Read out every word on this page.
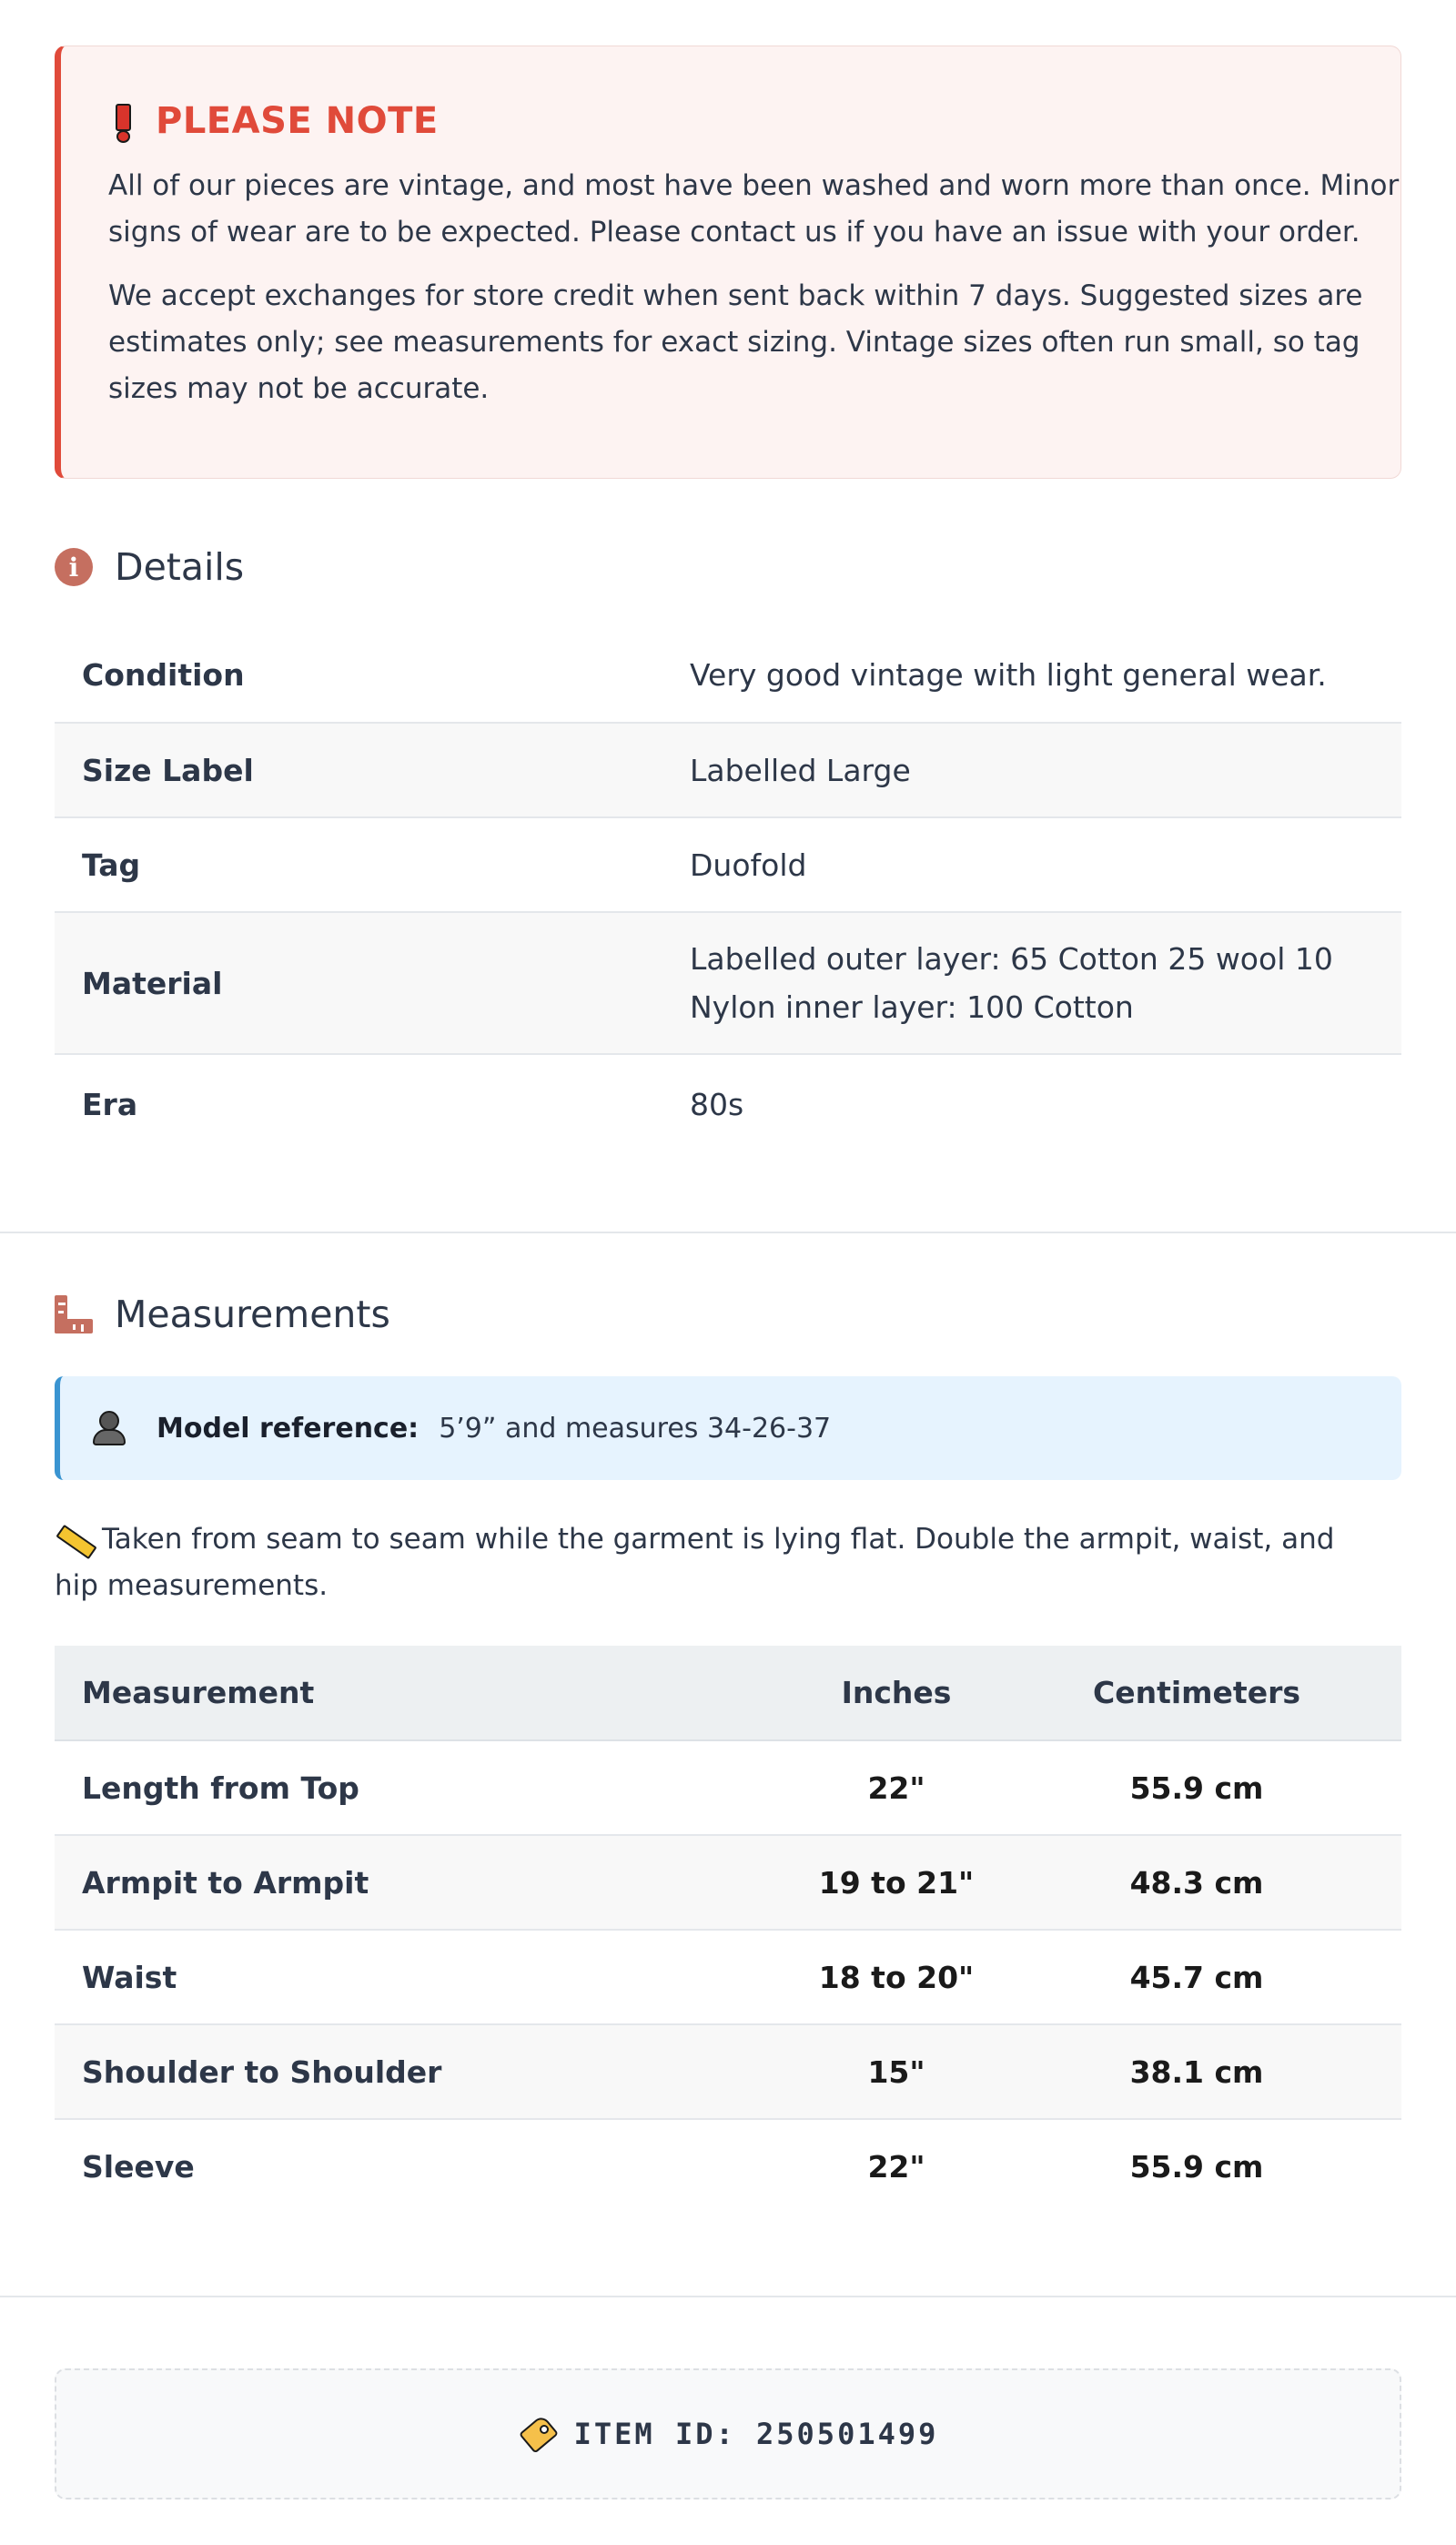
PLEASE NOTE

All of our pieces are vintage, and most have been washed and worn more than once. Minor signs of wear are to be expected. Please contact us if you have an issue with your order.

We accept exchanges for store credit when sent back within 7 days. Suggested sizes are estimates only; see measurements for exact sizing. Vintage sizes often run small, so tag sizes may not be accurate.

i Details
Condition	Very good vintage with light general wear.
Size Label	Labelled Large
Tag	Duofold
Material	Labelled outer layer: 65 Cotton 25 wool 10 Nylon inner layer: 100 Cotton
Era	80s
Measurements
Model reference: 5’9” and measures 34-26-37
Taken from seam to seam while the garment is lying flat. Double the armpit, waist, and hip measurements.
Measurement	Inches	Centimeters
Length from Top	22"	55.9 cm
Armpit to Armpit	19 to 21"	48.3 cm
Waist	18 to 20"	45.7 cm
Shoulder to Shoulder	15"	38.1 cm
Sleeve	22"	55.9 cm
ITEM ID: 250501499
